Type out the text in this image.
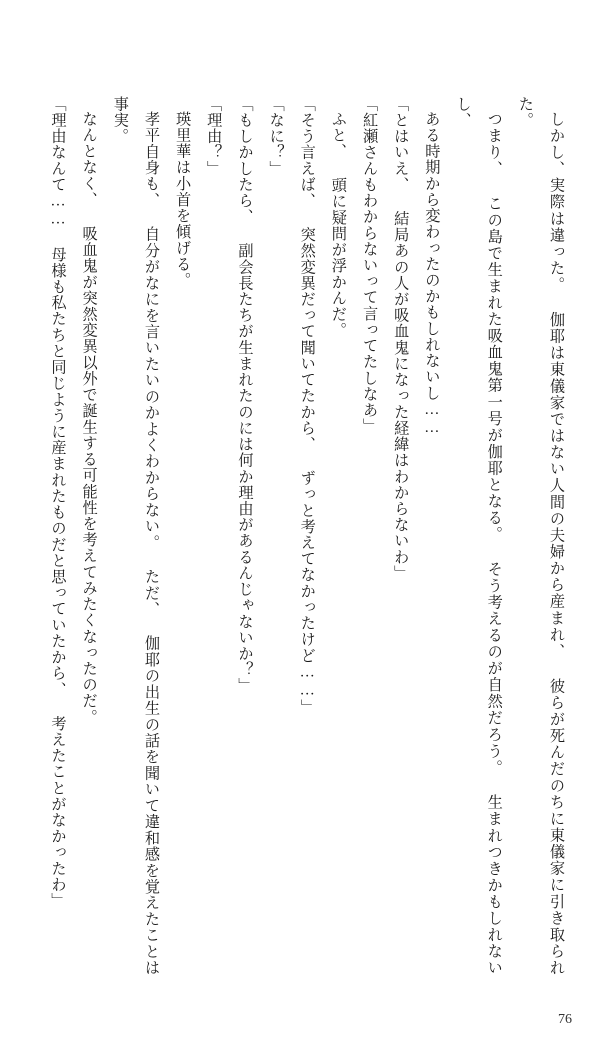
しかし、実際は違った。 伽耶は東儀家ではない人間の夫婦から産まれ、 彼らが死んだのちに東儀家に引き取られた。

つまり、 この島で生まれた吸血鬼第一号が伽耶となる。 そう考えるのが自然だろう。 生まれつきかもしれないし、

ある時期から変わったのかもしれないし……

「とはいえ、 結局あの人が吸血鬼になった経緯はわからないわ」

「紅瀬さんもわからないって言ってたしなあ」

ふと、 頭に疑問が浮かんだ。

「そう言えば、 突然変異だって聞いてたから、 ずっと考えてなかったけど……」

「なに？」

「もしかしたら、 副会長たちが生まれたのには何か理由があるんじゃないか？」

「理由？」

瑛里華は小首を傾げる。

孝平自身も、 自分がなにを言いたいのかよくわからない。 ただ、 伽耶の出生の話を聞いて違和感を覚えたことは事実。

なんとなく、 吸血鬼が突然変異以外で誕生する可能性を考えてみたくなったのだ。

「理由なんて…… 母様も私たちと同じように産まれたものだと思っていたから、 考えたことがなかったわ」

76
